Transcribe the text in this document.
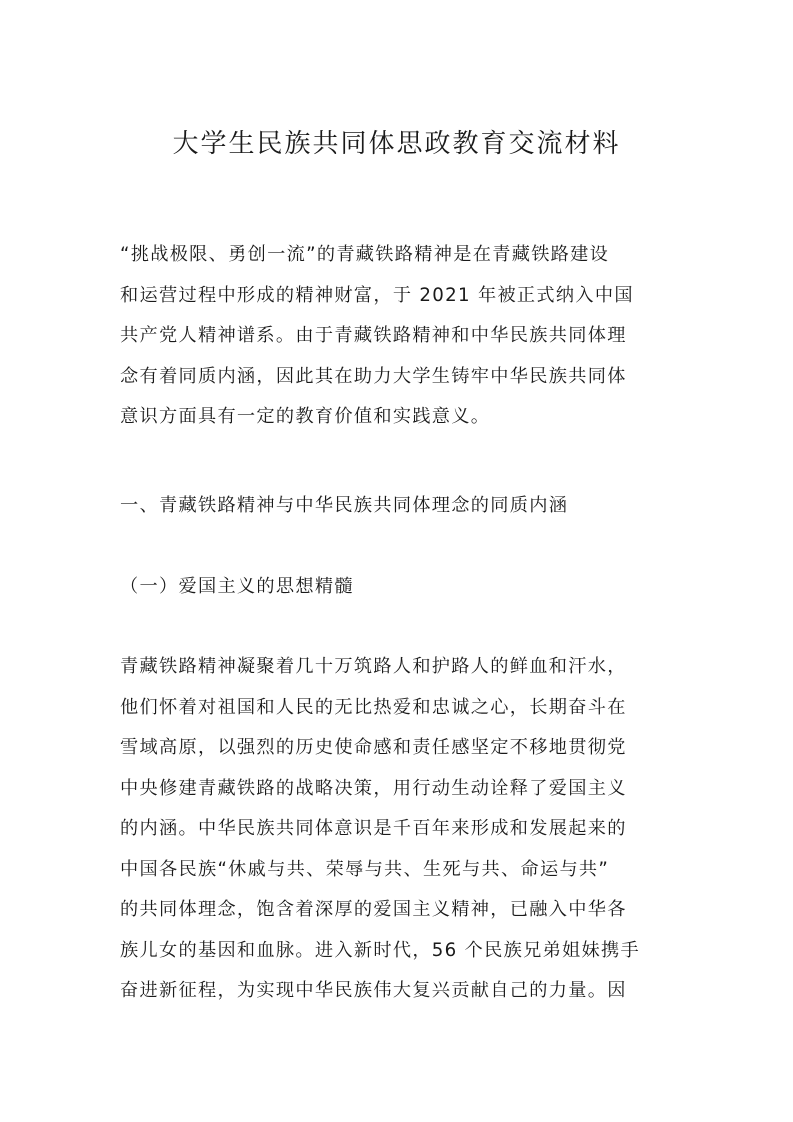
大学生民族共同体思政教育交流材料
“挑战极限、勇创一流”的青藏铁路精神是在青藏铁路建设
和运营过程中形成的精神财富，于 2021 年被正式纳入中国
共产党人精神谱系。由于青藏铁路精神和中华民族共同体理
念有着同质内涵，因此其在助力大学生铸牢中华民族共同体
意识方面具有一定的教育价值和实践意义。
一、青藏铁路精神与中华民族共同体理念的同质内涵
（一）爱国主义的思想精髓
青藏铁路精神凝聚着几十万筑路人和护路人的鲜血和汗水，
他们怀着对祖国和人民的无比热爱和忠诚之心，长期奋斗在
雪域高原，以强烈的历史使命感和责任感坚定不移地贯彻党
中央修建青藏铁路的战略决策，用行动生动诠释了爱国主义
的内涵。中华民族共同体意识是千百年来形成和发展起来的
中国各民族“休戚与共、荣辱与共、生死与共、命运与共”
的共同体理念，饱含着深厚的爱国主义精神，已融入中华各
族儿女的基因和血脉。进入新时代，56 个民族兄弟姐妹携手
奋进新征程，为实现中华民族伟大复兴贡献自己的力量。因
